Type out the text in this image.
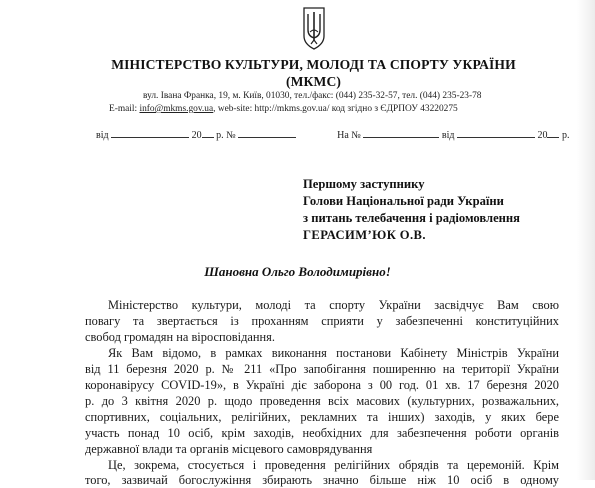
МІНІСТЕРСТВО КУЛЬТУРИ, МОЛОДІ ТА СПОРТУ УКРАЇНИ
(МКМС)
вул. Івана Франка, 19, м. Київ, 01030, тел./факс: (044) 235-32-57, тел. (044) 235-23-78
E-mail: info@mkms.gov.ua, web-site: http://mkms.gov.ua/ код згідно з ЄДРПОУ 43220275
від	20 р. №	На №	від	20 р.
Першому заступнику
Голови Національної ради України
з питань телебачення і радіомовлення
ГЕРАСИМ’ЮК О.В.
Шановна Ольго Володимирівно!
Міністерство культури, молоді та спорту України засвідчує Вам свою
повагу та звертається із проханням сприяти у забезпеченні конституційних
свобод громадян на віросповідання.
Як Вам відомо, в рамках виконання постанови Кабінету Міністрів України
від 11 березня 2020 р. № 211 «Про запобігання поширенню на території України
коронавірусу COVID-19», в Україні діє заборона з 00 год. 01 хв. 17 березня 2020
р. до 3 квітня 2020 р. щодо проведення всіх масових (культурних, розважальних,
спортивних, соціальних, релігійних, рекламних та інших) заходів, у яких бере
участь понад 10 осіб, крім заходів, необхідних для забезпечення роботи органів
державної влади та органів місцевого самоврядування
Це, зокрема, стосується і проведення релігійних обрядів та церемоній. Крім
того, зазвичай богослужіння збирають значно більше ніж 10 осіб в одному
